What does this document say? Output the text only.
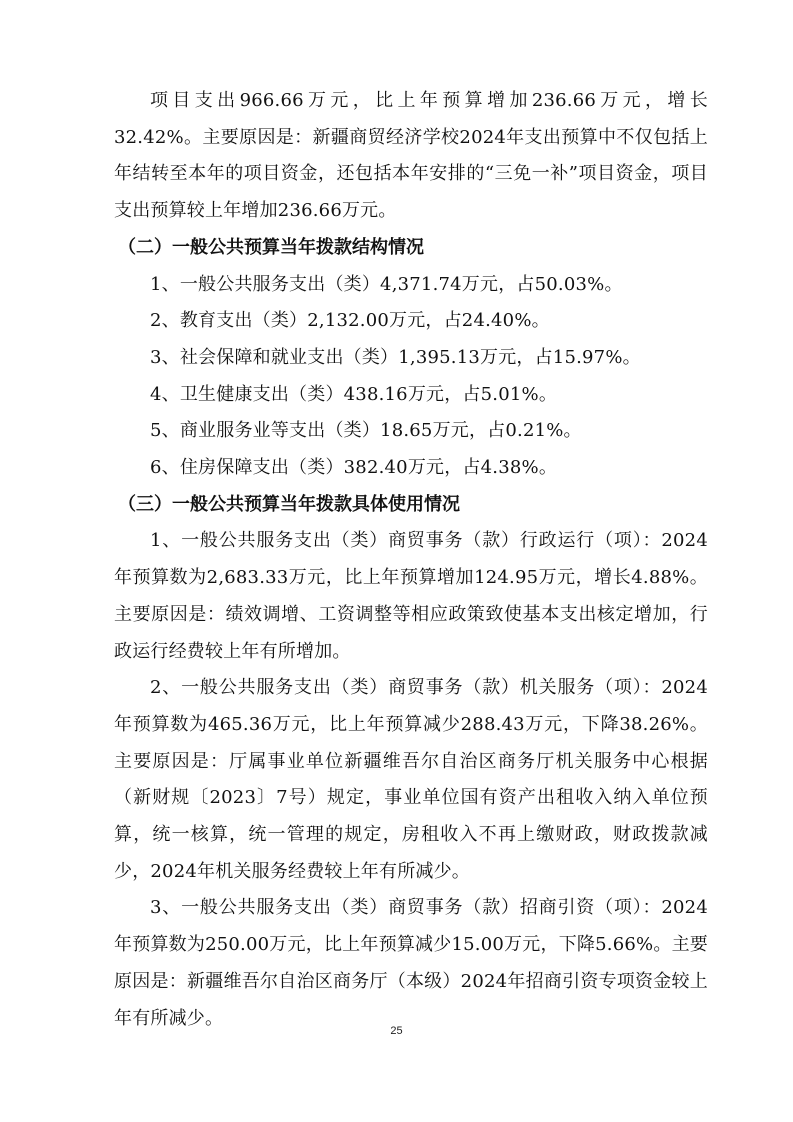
项目支出966.66万元，比上年预算增加236.66万元，增长32.42%。主要原因是：新疆商贸经济学校2024年支出预算中不仅包括上年结转至本年的项目资金，还包括本年安排的“三免一补”项目资金，项目支出预算较上年增加236.66万元。

（二）一般公共预算当年拨款结构情况

1、一般公共服务支出（类）4,371.74万元，占50.03%。

2、教育支出（类）2,132.00万元，占24.40%。

3、社会保障和就业支出（类）1,395.13万元，占15.97%。

4、卫生健康支出（类）438.16万元，占5.01%。

5、商业服务业等支出（类）18.65万元，占0.21%。

6、住房保障支出（类）382.40万元，占4.38%。

（三）一般公共预算当年拨款具体使用情况

1、一般公共服务支出（类）商贸事务（款）行政运行（项）：2024年预算数为2,683.33万元，比上年预算增加124.95万元，增长4.88%。主要原因是：绩效调增、工资调整等相应政策致使基本支出核定增加，行政运行经费较上年有所增加。

2、一般公共服务支出（类）商贸事务（款）机关服务（项）：2024年预算数为465.36万元，比上年预算减少288.43万元，下降38.26%。主要原因是：厅属事业单位新疆维吾尔自治区商务厅机关服务中心根据（新财规〔2023〕7号）规定，事业单位国有资产出租收入纳入单位预算，统一核算，统一管理的规定，房租收入不再上缴财政，财政拨款减少，2024年机关服务经费较上年有所减少。

3、一般公共服务支出（类）商贸事务（款）招商引资（项）：2024年预算数为250.00万元，比上年预算减少15.00万元，下降5.66%。主要原因是：新疆维吾尔自治区商务厅（本级）2024年招商引资专项资金较上年有所减少。

25
